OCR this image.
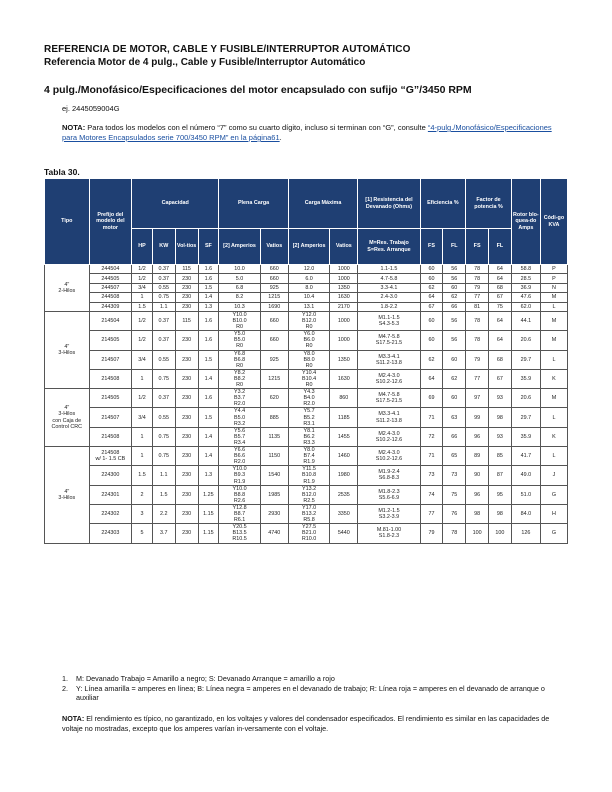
REFERENCIA DE MOTOR, CABLE Y FUSIBLE/INTERRUPTOR AUTOMÁTICO
Referencia Motor de 4 pulg., Cable y Fusible/Interruptor Automático
4 pulg./Monofásico/Especificaciones del motor encapsulado con sufijo “G”/3450 RPM
ej. 2445059004G
NOTA: Para todos los modelos con el número “7” como su cuarto dígito, incluso si terminan con “G”, consulte “4-pulg./Monofásico/Especificaciones para Motores Encapsulados serie 700/3450 RPM” en la página61.
Tabla 30.
Tipo	Prefijo del modelo del motor	Capacidad				Plena Carga		Carga Máxima		[1] Resistencia del Devanado (Ohms)	Eficiencia %		Factor de potencia %		Rotor blo-quea-do Amps	Códi-go KVA
		HP	KW	Vol-tios	SF	[2] Amperios	Vatios	[2] Amperios	Vatios	M=Res. Trabajo S=Res. Arranque	FS	FL	FS	FL		
4"
2-Hilos	244504	1/2	0.37	115	1.6	10.0	660	12.0	1000	1.1-1.5	60	56	78	64	58.8	P
	244505	1/2	0.37	230	1.6	5.0	660	6.0	1000	4.7-5.8	60	56	78	64	28.5	P
	244507	3/4	0.55	230	1.5	6.8	925	8.0	1350	3.3-4.1	62	60	79	68	36.9	N
	244508	1	0.75	230	1.4	8.2	1215	10.4	1630	2.4-3.0	64	62	77	67	47.6	M
	244309	1.5	1.1	230	1.3	10.3	1690	13.1	2170	1.8-2.2	67	66	81	75	62.0	L
4"
3-Hilos	214504	1/2	0.37	115	1.6	Y10.0
B10.0
R0	660	Y12.0
B12.0
R0	1000	M1.1-1.5
S4.3-5.3	60	56	78	64	44.1	M
	214505	1/2	0.37	230	1.6	Y5.0
B5.0
R0	660	Y6.0
B6.0
R0	1000	M4.7-5.8
S17.5-21.5	60	56	78	64	20.6	M
	214507	3/4	0.55	230	1.5	Y6.8
B6.8
R0	925	Y8.0
B8.0
R0	1350	M3.3-4.1
S11.2-13.8	62	60	79	68	29.7	L
	214508	1	0.75	230	1.4	Y8.2
B8.2
R0	1215	Y10.4
B10.4
R0	1630	M2.4-3.0
S10.2-12.6	64	62	77	67	35.9	K
4"
3-Hilos
con Caja de
Control CRC	214505	1/2	0.37	230	1.6	Y3.2
B3.7
R2.0	620	Y4.3
B4.0
R2.0	860	M4.7-5.8
S17.5-21.5	69	60	97	93	20.6	M
	214507	3/4	0.55	230	1.5	Y4.4
B5.0
R3.2	885	Y5.7
B5.2
R3.1	1185	M3.3-4.1
S11.2-13.8	71	63	99	98	29.7	L
	214508	1	0.75	230	1.4	Y5.6
B5.7
R3.4	1135	Y8.1
B6.2
R3.3	1455	M2.4-3.0
S10.2-12.6	72	66	96	93	35.9	K
4"
3-Hilos	214508
w/ 1- 1.5 CB	1	0.75	230	1.4	Y6.6
B6.6
R2.0	1150	Y8.0
B7.4
R1.9	1460	M2.4-3.0
S10.2-12.6	71	65	89	85	41.7	L
	224300	1.5	1.1	230	1.3	Y10.0
B9.3
R1.9	1540	Y11.5
B10.8
R1.9	1980	M1.9-2.4
S6.8-8.3	73	73	90	87	49.0	J
	224301	2	1.5	230	1.25	Y10.0
B8.8
R2.6	1985	Y13.2
B12.0
R2.5	2535	M1.8-2.3
S5.6-6.9	74	75	96	95	51.0	G
	224302	3	2.2	230	1.15	Y12.8
B8.7
R6.1	2930	Y17.0
B13.2
R5.8	3350	M1.2-1.5
S3.2-3.9	77	76	98	98	84.0	H
	224303	5	3.7	230	1.15	Y20.5
B13.5
R10.5	4740	Y27.5
B21.0
R10.0	5440	M.81-1.00
S1.8-2.3	79	78	100	100	126	G
1. M: Devanado Trabajo = Amarillo a negro; S: Devanado Arranque = amarillo a rojo
2. Y: Línea amarilla = amperes en línea; B: Línea negra = amperes en el devanado de trabajo; R: Línea roja = amperes en el devanado de arranque o auxiliar
NOTA: El rendimiento es típico, no garantizado, en los voltajes y valores del condensador especificados. El rendimiento es similar en las capacidades de voltaje no mostradas, excepto que los amperes varían in-versamente con el voltaje.
